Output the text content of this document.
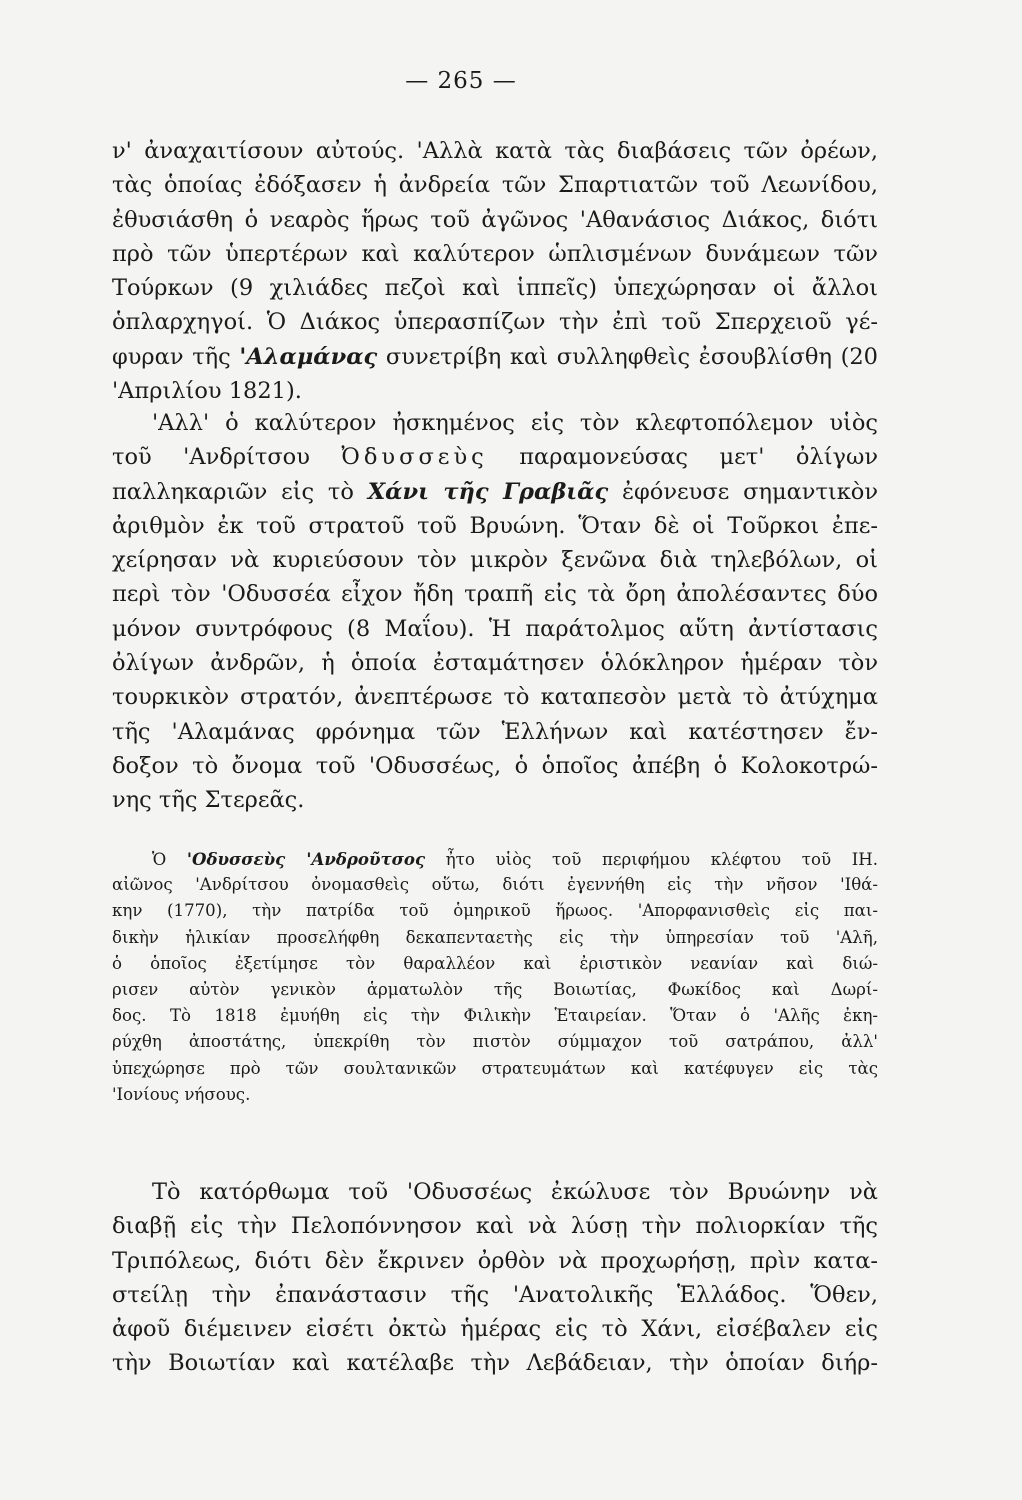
— 265 —
ν' ἀναχαιτίσουν αὐτούς. 'Αλλὰ κατὰ τὰς διαβάσεις τῶν ὀρέων,
τὰς ὁποίας ἐδόξασεν ἡ ἀνδρεία τῶν Σπαρτιατῶν τοῦ Λεωνίδου,
ἐθυσιάσθη ὁ νεαρὸς ἥρως τοῦ ἀγῶνος 'Αθανάσιος Διάκος, διότι
πρὸ τῶν ὑπερτέρων καὶ καλύτερον ὡπλισμένων δυνάμεων τῶν
Τούρκων (9 χιλιάδες πεζοὶ καὶ ἱππεῖς) ὑπεχώρησαν οἱ ἄλλοι
ὁπλαρχηγοί. Ὁ Διάκος ὑπερασπίζων τὴν ἐπὶ τοῦ Σπερχειοῦ γέ-
φυραν τῆς 'Αλαμάνας συνετρίβη καὶ συλληφθεὶς ἐσουβλίσθη (20
'Απριλίου 1821).
'Αλλ' ὁ καλύτερον ἠσκημένος εἰς τὸν κλεφτοπόλεμον υἱὸς
τοῦ 'Ανδρίτσου Ὀδυσσεὺς παραμονεύσας μετ' ὀλίγων
παλληκαριῶν εἰς τὸ Χάνι τῆς Γραβιᾶς ἐφόνευσε σημαντικὸν
ἀριθμὸν ἐκ τοῦ στρατοῦ τοῦ Βρυώνη. Ὅταν δὲ οἱ Τοῦρκοι ἐπε-
χείρησαν νὰ κυριεύσουν τὸν μικρὸν ξενῶνα διὰ τηλεβόλων, οἱ
περὶ τὸν 'Οδυσσέα εἶχον ἤδη τραπῆ εἰς τὰ ὄρη ἀπολέσαντες δύο
μόνον συντρόφους (8 Μαΐου). Ἡ παράτολμος αὕτη ἀντίστασις
ὀλίγων ἀνδρῶν, ἡ ὁποία ἐσταμάτησεν ὁλόκληρον ἡμέραν τὸν
τουρκικὸν στρατόν, ἀνεπτέρωσε τὸ καταπεσὸν μετὰ τὸ ἀτύχημα
τῆς 'Αλαμάνας φρόνημα τῶν Ἑλλήνων καὶ κατέστησεν ἔν-
δοξον τὸ ὄνομα τοῦ 'Οδυσσέως, ὁ ὁποῖος ἀπέβη ὁ Κολοκοτρώ-
νης τῆς Στερεᾶς.
Ὁ 'Οδυσσεὺς 'Ανδροῦτσος ἦτο υἱὸς τοῦ περιφήμου κλέφτου τοῦ ΙΗ.
αἰῶνος 'Ανδρίτσου ὀνομασθεὶς οὕτω, διότι ἐγεννήθη εἰς τὴν νῆσον 'Ιθά-
κην (1770), τὴν πατρίδα τοῦ ὁμηρικοῦ ἥρωος. 'Απορφανισθεὶς εἰς παι-
δικὴν ἡλικίαν προσελήφθη δεκαπενταετὴς εἰς τὴν ὑπηρεσίαν τοῦ 'Αλῆ,
ὁ ὁποῖος ἐξετίμησε τὸν θαραλλέον καὶ ἐριστικὸν νεανίαν καὶ διώ-
ρισεν αὐτὸν γενικὸν ἁρματωλὸν τῆς Βοιωτίας, Φωκίδος καὶ Δωρί-
δος. Τὸ 1818 ἐμυήθη εἰς τὴν Φιλικὴν Ἑταιρείαν. Ὅταν ὁ 'Αλῆς ἐκη-
ρύχθη ἀποστάτης, ὑπεκρίθη τὸν πιστὸν σύμμαχον τοῦ σατράπου, ἀλλ'
ὑπεχώρησε πρὸ τῶν σουλτανικῶν στρατευμάτων καὶ κατέφυγεν εἰς τὰς
'Ιονίους νήσους.
Τὸ κατόρθωμα τοῦ 'Οδυσσέως ἐκώλυσε τὸν Βρυώνην νὰ
διαβῇ εἰς τὴν Πελοπόννησον καὶ νὰ λύσῃ τὴν πολιορκίαν τῆς
Τριπόλεως, διότι δὲν ἔκρινεν ὀρθὸν νὰ προχωρήσῃ, πρὶν κατα-
στείλῃ τὴν ἐπανάστασιν τῆς 'Ανατολικῆς Ἑλλάδος. Ὅθεν,
ἀφοῦ διέμεινεν εἰσέτι ὀκτὼ ἡμέρας εἰς τὸ Χάνι, εἰσέβαλεν εἰς
τὴν Βοιωτίαν καὶ κατέλαβε τὴν Λεβάδειαν, τὴν ὁποίαν διήρ-
